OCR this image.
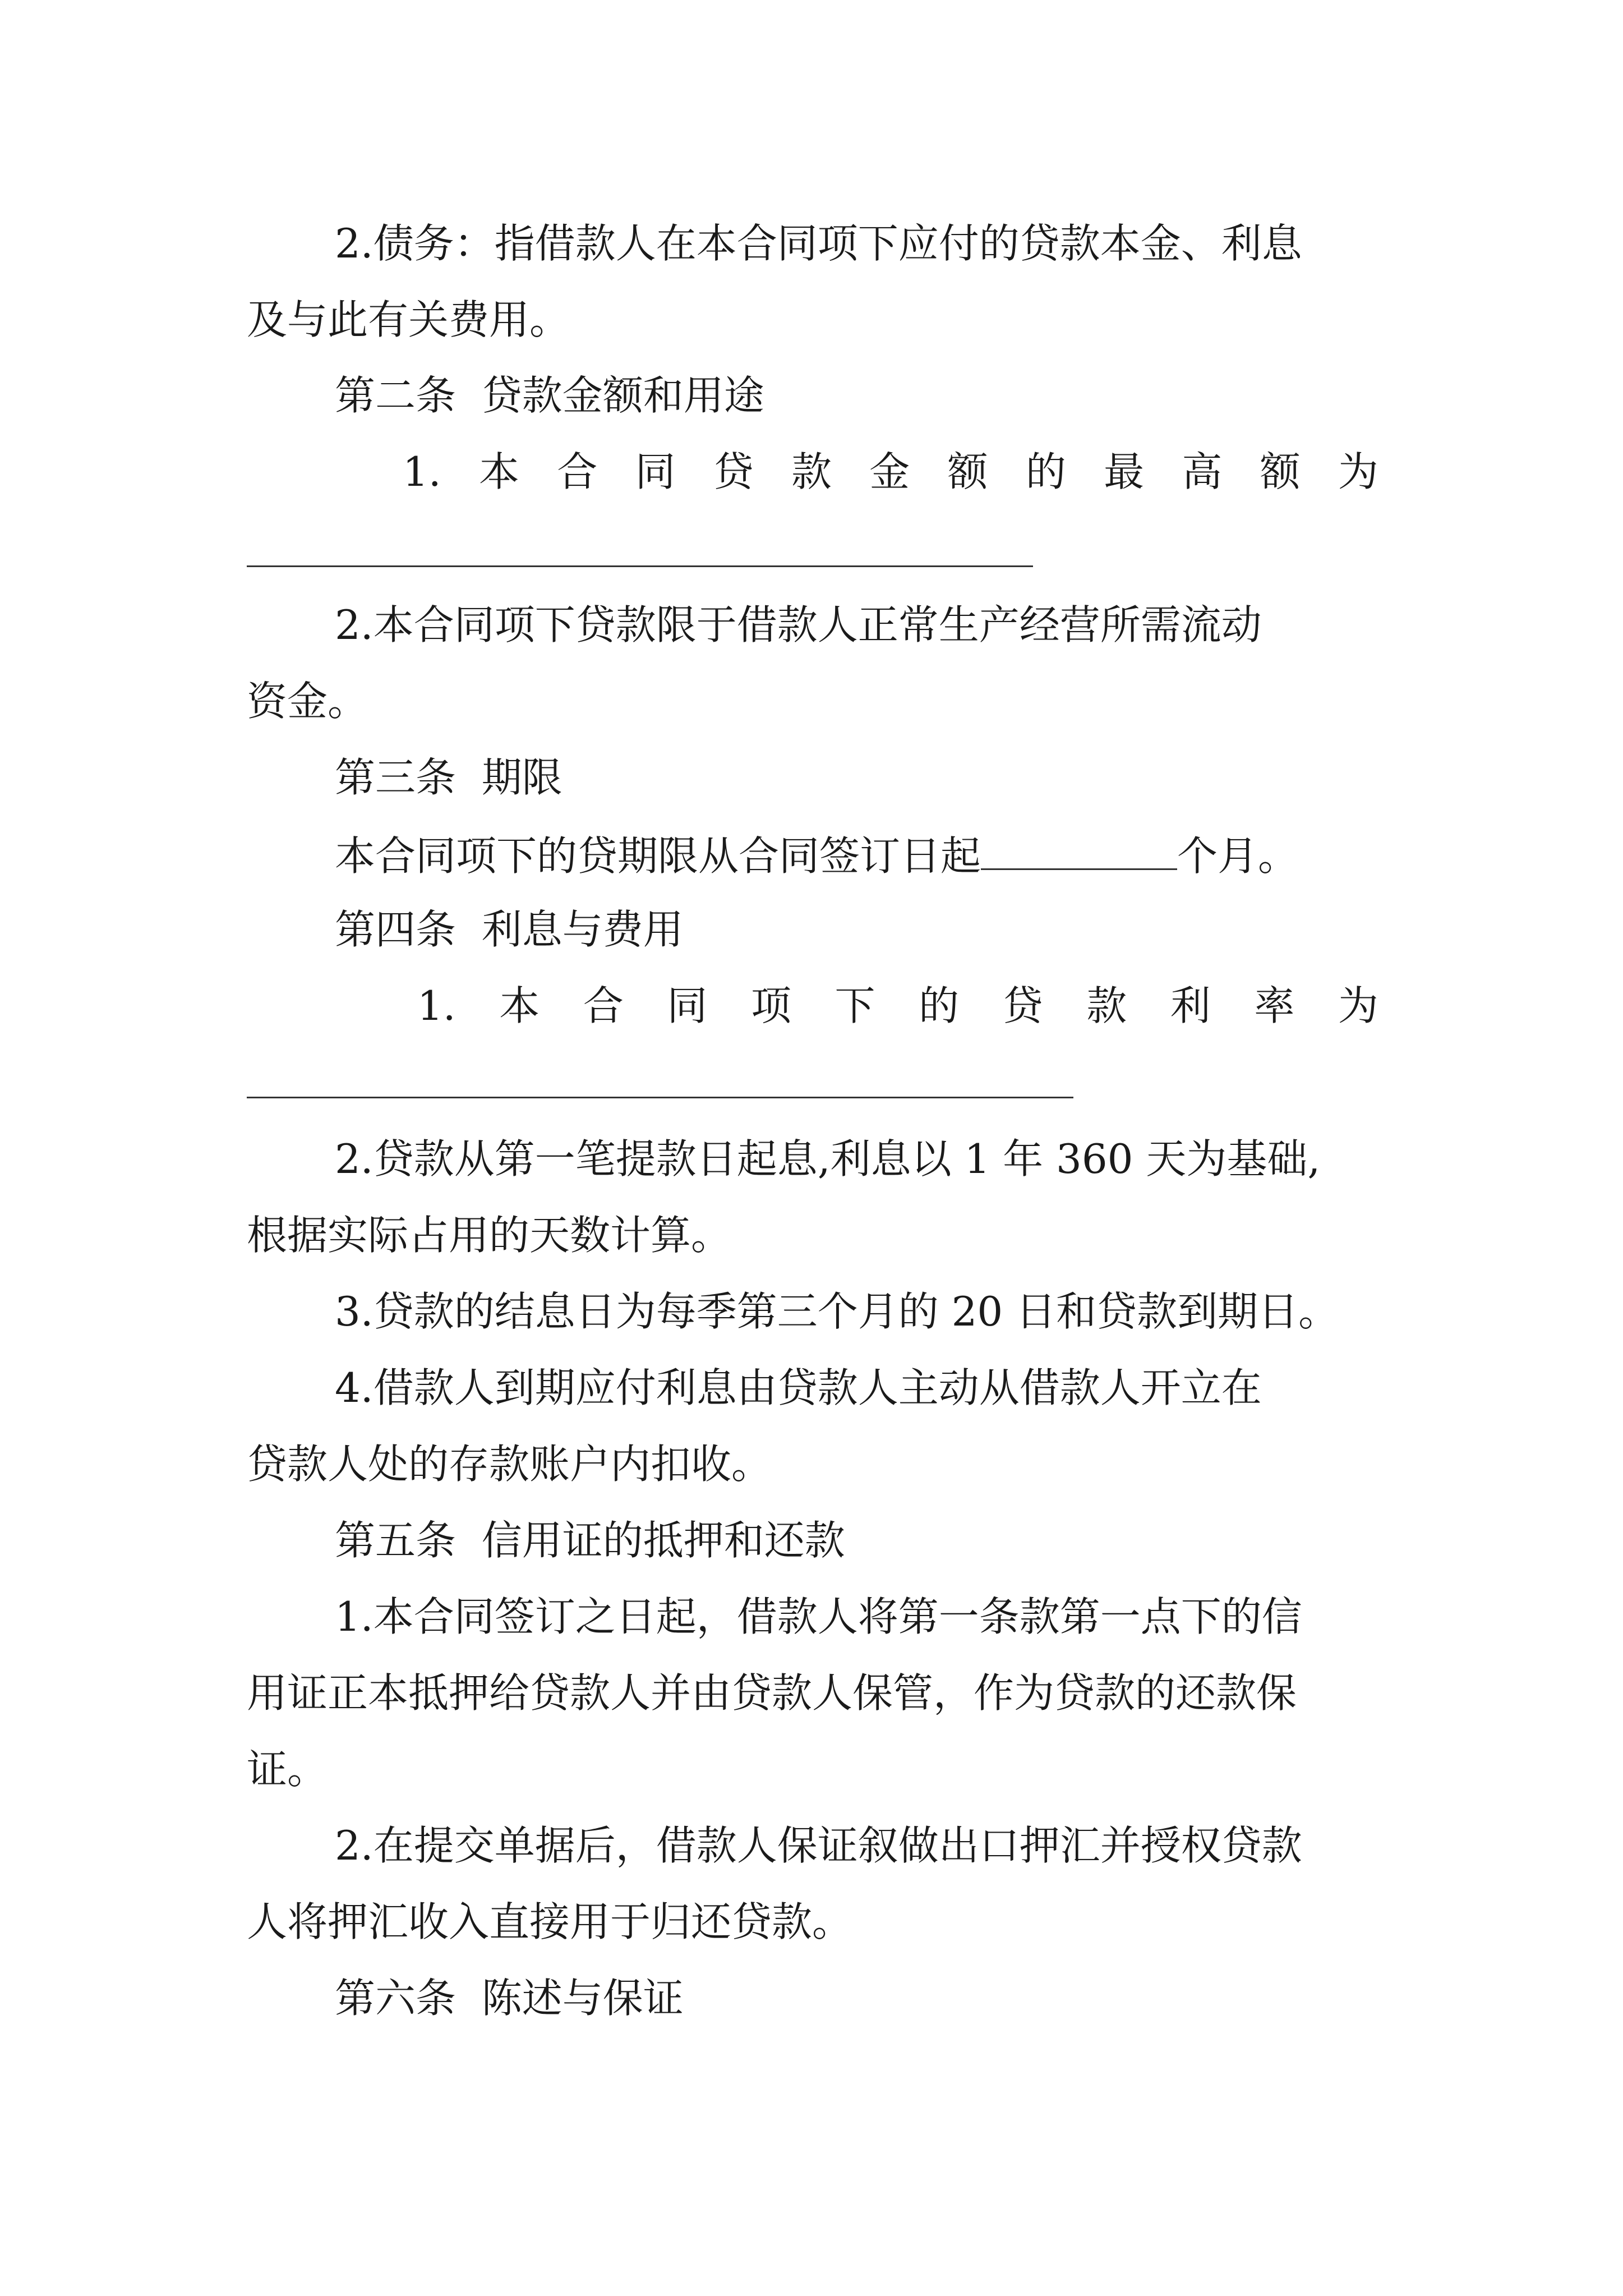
2.债务：指借款人在本合同项下应付的贷款本金、利息
及与此有关费用。
第二条  贷款金额和用途
1. 本 合 同 贷 款 金 额 的 最 高 额 为
2.本合同项下贷款限于借款人正常生产经营所需流动
资金。
第三条  期限
本合同项下的贷期限从合同签订日起	个月。
第四条  利息与费用
1. 本 合 同 项 下 的 贷 款 利 率 为
2.贷款从第一笔提款日起息,利息以 1 年 360 天为基础,
根据实际占用的天数计算。
3.贷款的结息日为每季第三个月的 20 日和贷款到期日。
4.借款人到期应付利息由贷款人主动从借款人开立在
贷款人处的存款账户内扣收。
第五条  信用证的抵押和还款
1.本合同签订之日起，借款人将第一条款第一点下的信
用证正本抵押给贷款人并由贷款人保管，作为贷款的还款保
证。
2.在提交单据后，借款人保证叙做出口押汇并授权贷款
人将押汇收入直接用于归还贷款。
第六条  陈述与保证
